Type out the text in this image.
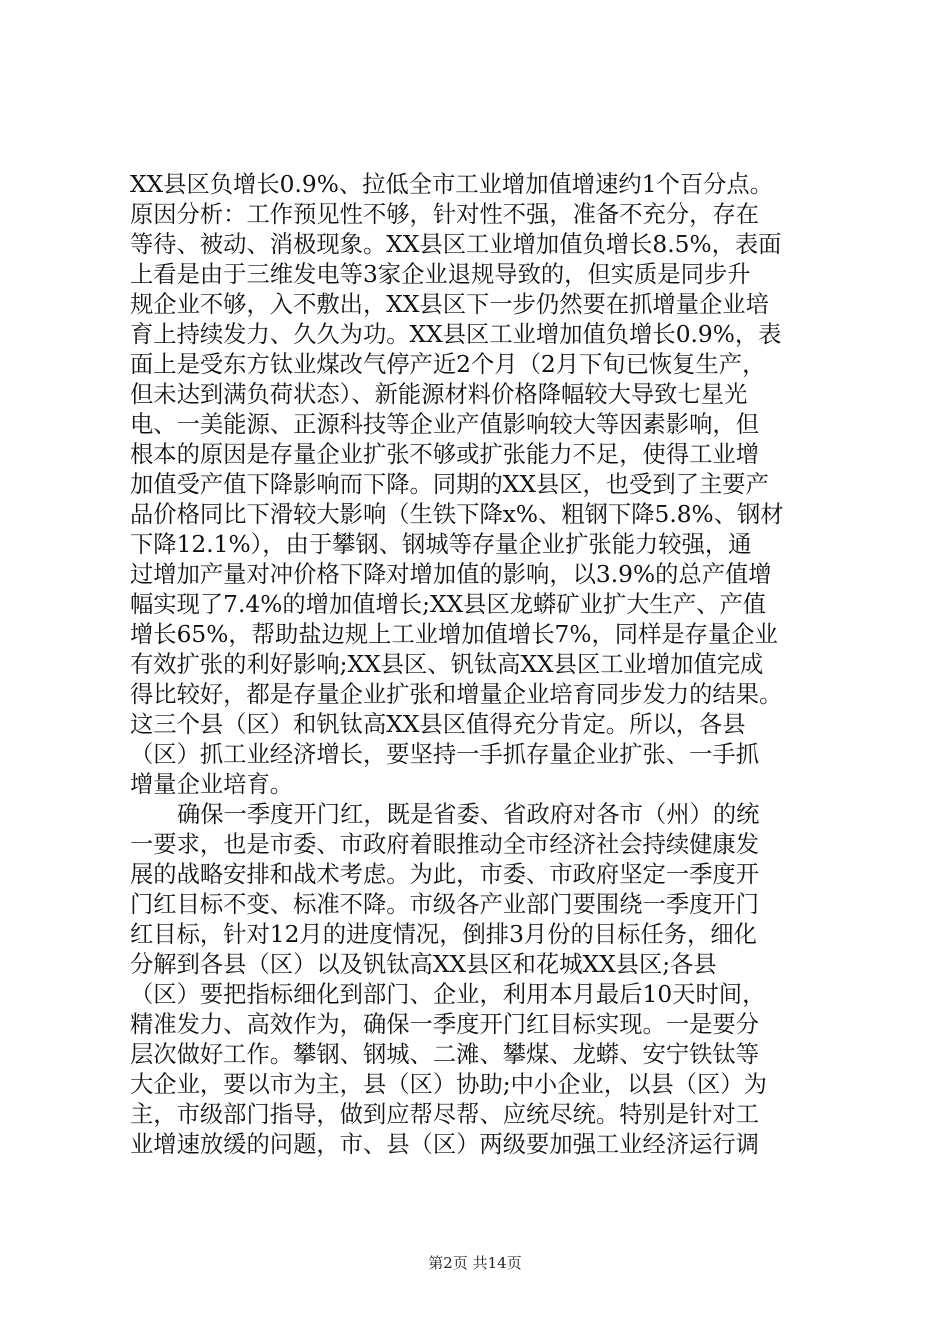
XX县区负增长0.9%、拉低全市工业增加值增速约1个百分点。
原因分析：工作预见性不够，针对性不强，准备不充分，存在
等待、被动、消极现象。XX县区工业增加值负增长8.5%，表面
上看是由于三维发电等3家企业退规导致的，但实质是同步升
规企业不够，入不敷出，XX县区下一步仍然要在抓增量企业培
育上持续发力、久久为功。XX县区工业增加值负增长0.9%，表
面上是受东方钛业煤改气停产近2个月（2月下旬已恢复生产，
但未达到满负荷状态）、新能源材料价格降幅较大导致七星光
电、一美能源、正源科技等企业产值影响较大等因素影响，但
根本的原因是存量企业扩张不够或扩张能力不足，使得工业增
加值受产值下降影响而下降。同期的XX县区，也受到了主要产
品价格同比下滑较大影响（生铁下降x%、粗钢下降5.8%、钢材
下降12.1%），由于攀钢、钢城等存量企业扩张能力较强，通
过增加产量对冲价格下降对增加值的影响，以3.9%的总产值增
幅实现了7.4%的增加值增长;XX县区龙蟒矿业扩大生产、产值
增长65%，帮助盐边规上工业增加值增长7%，同样是存量企业
有效扩张的利好影响;XX县区、钒钛高XX县区工业增加值完成
得比较好，都是存量企业扩张和增量企业培育同步发力的结果。
这三个县（区）和钒钛高XX县区值得充分肯定。所以，各县
（区）抓工业经济增长，要坚持一手抓存量企业扩张、一手抓
增量企业培育。
确保一季度开门红，既是省委、省政府对各市（州）的统
一要求，也是市委、市政府着眼推动全市经济社会持续健康发
展的战略安排和战术考虑。为此，市委、市政府坚定一季度开
门红目标不变、标准不降。市级各产业部门要围绕一季度开门
红目标，针对12月的进度情况，倒排3月份的目标任务，细化
分解到各县（区）以及钒钛高XX县区和花城XX县区;各县
（区）要把指标细化到部门、企业，利用本月最后10天时间，
精准发力、高效作为，确保一季度开门红目标实现。一是要分
层次做好工作。攀钢、钢城、二滩、攀煤、龙蟒、安宁铁钛等
大企业，要以市为主，县（区）协助;中小企业，以县（区）为
主，市级部门指导，做到应帮尽帮、应统尽统。特别是针对工
业增速放缓的问题，市、县（区）两级要加强工业经济运行调
第2页 共14页
